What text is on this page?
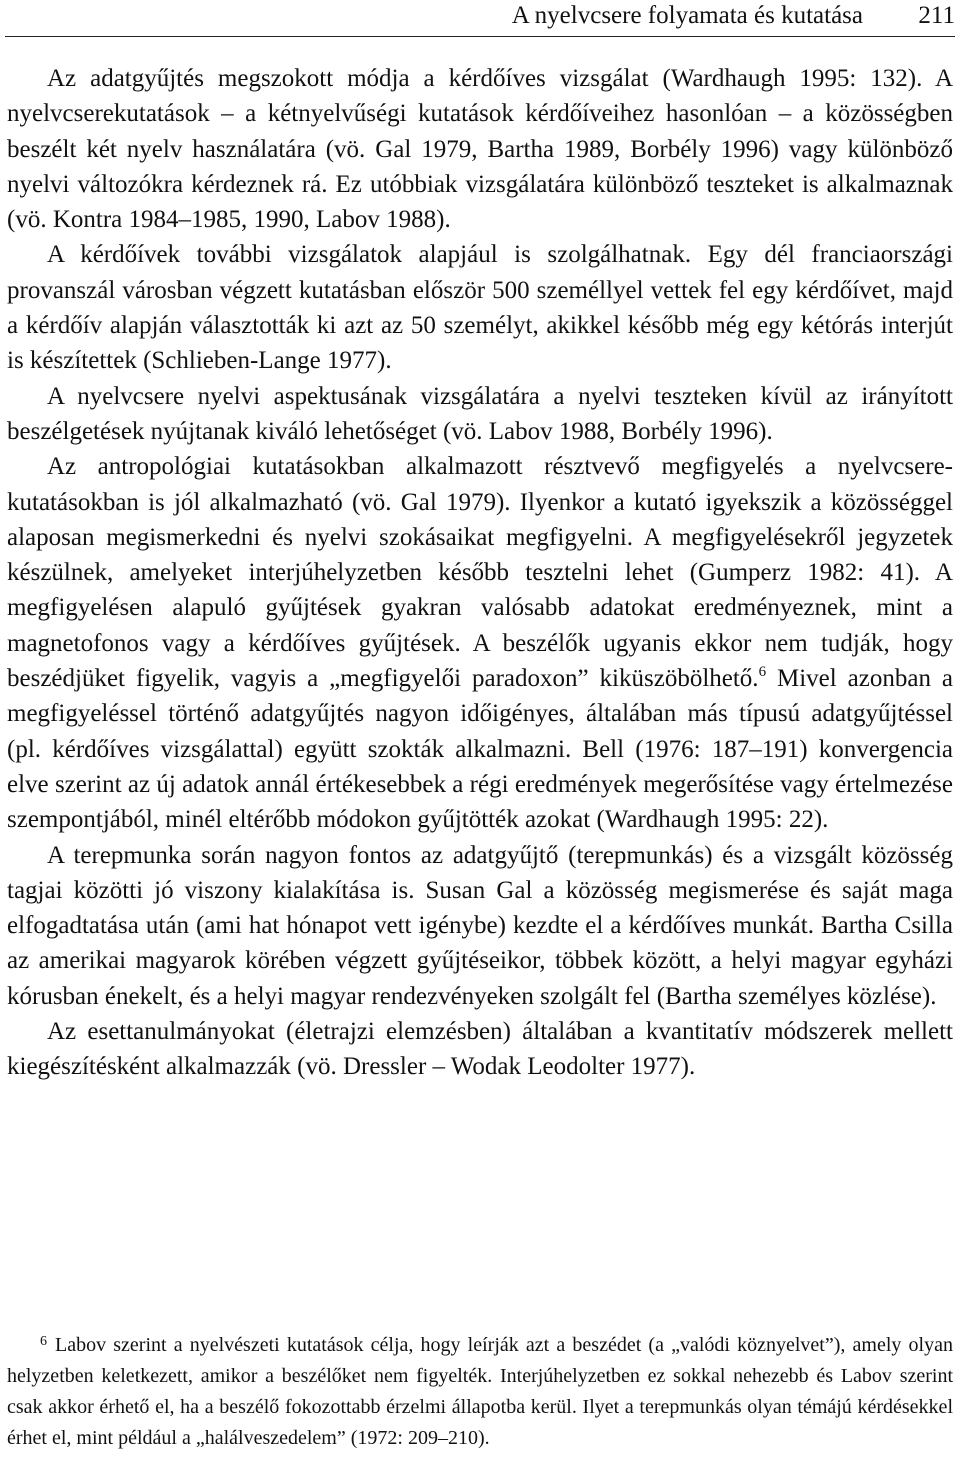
A nyelvcsere folyamata és kutatása 211

Az adatgyűjtés megszokott módja a kérdőíves vizsgálat (Wardhaugh 1995: 132). A nyelvcserekutatások – a kétnyelvűségi kutatások kérdőíveihez hasonlóan – a közösségben beszélt két nyelv használatára (vö. Gal 1979, Bartha 1989, Borbély 1996) vagy különböző nyelvi változókra kérdeznek rá. Ez utóbbiak vizsgálatára különböző teszteket is alkalmaznak (vö. Kontra 1984–1985, 1990, Labov 1988).

A kérdőívek további vizsgálatok alapjául is szolgálhatnak. Egy dél franciaországi provanszál városban végzett kutatásban először 500 személlyel vettek fel egy kérdőívet, majd a kérdőív alapján választották ki azt az 50 személyt, akikkel később még egy kétórás interjút is készítettek (Schlieben-Lange 1977).

A nyelvcsere nyelvi aspektusának vizsgálatára a nyelvi teszteken kívül az irányított beszélgetések nyújtanak kiváló lehetőséget (vö. Labov 1988, Borbély 1996).

Az antropológiai kutatásokban alkalmazott résztvevő megfigyelés a nyelvcsere-kutatásokban is jól alkalmazható (vö. Gal 1979). Ilyenkor a kutató igyekszik a közösséggel alaposan megismerkedni és nyelvi szokásaikat megfigyelni. A megfigyelésekről jegyzetek készülnek, amelyeket interjúhelyzetben később tesztelni lehet (Gumperz 1982: 41). A megfigyelésen alapuló gyűjtések gyakran valósabb adatokat eredményeznek, mint a magnetofonos vagy a kérdőíves gyűjtések. A beszélők ugyanis ekkor nem tudják, hogy beszédjüket figyelik, vagyis a „megfigyelői paradoxon” kiküszöbölhető.$^6$ Mivel azonban a megfigyeléssel történő adatgyűjtés nagyon időigényes, általában más típusú adatgyűjtéssel (pl. kérdőíves vizsgálattal) együtt szokták alkalmazni. Bell (1976: 187–191) konvergencia elve szerint az új adatok annál értékesebbek a régi eredmények megerősítése vagy értelmezése szempontjából, minél eltérőbb módokon gyűjtötték azokat (Wardhaugh 1995: 22).

A terepmunka során nagyon fontos az adatgyűjtő (terepmunkás) és a vizsgált közösség tagjai közötti jó viszony kialakítása is. Susan Gal a közösség megismerése és saját maga elfogadtatása után (ami hat hónapot vett igénybe) kezdte el a kérdőíves munkát. Bartha Csilla az amerikai magyarok körében végzett gyűjtéseikor, többek között, a helyi magyar egyházi kórusban énekelt, és a helyi magyar rendezvényeken szolgált fel (Bartha személyes közlése).

Az esettanulmányokat (életrajzi elemzésben) általában a kvantitatív módszerek mellett kiegészítésként alkalmazzák (vö. Dressler – Wodak Leodolter 1977).

$^6$ Labov szerint a nyelvészeti kutatások célja, hogy leírják azt a beszédet (a „valódi köznyelvet”), amely olyan helyzetben keletkezett, amikor a beszélőket nem figyelték. Interjúhelyzetben ez sokkal nehezebb és Labov szerint csak akkor érhető el, ha a beszélő fokozottabb érzelmi állapotba kerül. Ilyet a terepmunkás olyan témájú kérdésekkel érhet el, mint például a „halálveszedelem” (1972: 209–210).
